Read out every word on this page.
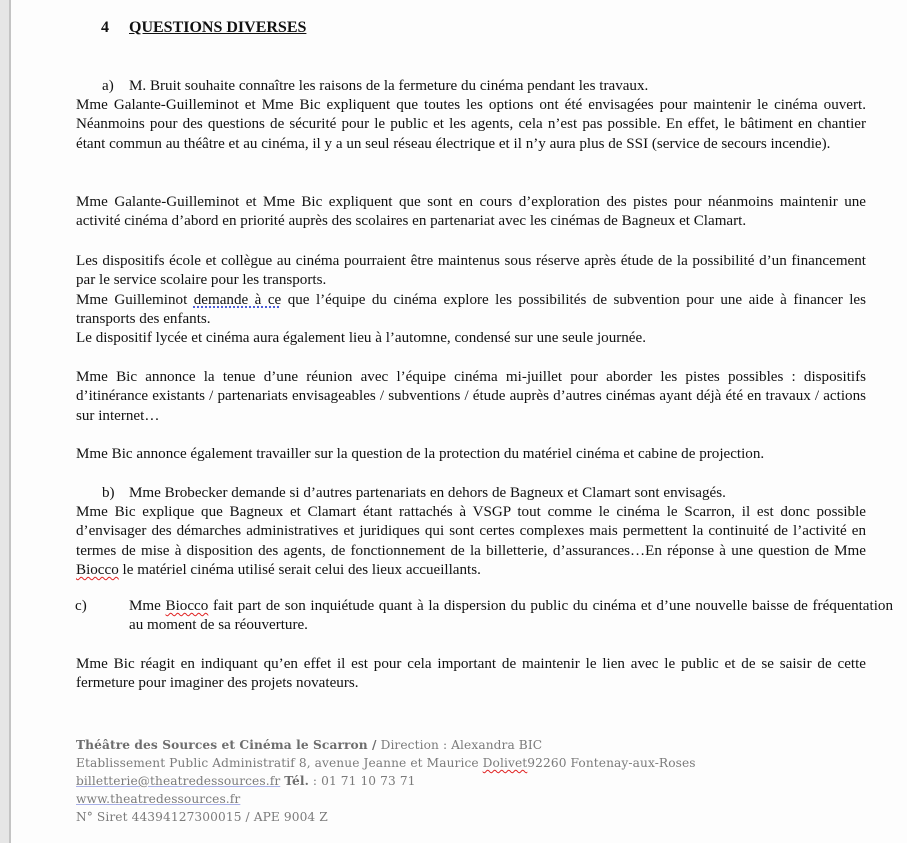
4 QUESTIONS DIVERSES
a) M. Bruit souhaite connaître les raisons de la fermeture du cinéma pendant les travaux.
Mme Galante-Guilleminot et Mme Bic expliquent que toutes les options ont été envisagées pour maintenir le cinéma ouvert. Néanmoins pour des questions de sécurité pour le public et les agents, cela n’est pas possible. En effet, le bâtiment en chantier étant commun au théâtre et au cinéma, il y a un seul réseau électrique et il n’y aura plus de SSI (service de secours incendie).
Mme Galante-Guilleminot et Mme Bic expliquent que sont en cours d’exploration des pistes pour néanmoins maintenir une activité cinéma d’abord en priorité auprès des scolaires en partenariat avec les cinémas de Bagneux et Clamart.
Les dispositifs école et collègue au cinéma pourraient être maintenus sous réserve après étude de la possibilité d’un financement par le service scolaire pour les transports.
Mme Guilleminot demande à ce que l’équipe du cinéma explore les possibilités de subvention pour une aide à financer les transports des enfants.
Le dispositif lycée et cinéma aura également lieu à l’automne, condensé sur une seule journée.
Mme Bic annonce la tenue d’une réunion avec l’équipe cinéma mi-juillet pour aborder les pistes possibles : dispositifs d’itinérance existants / partenariats envisageables / subventions / étude auprès d’autres cinémas ayant déjà été en travaux / actions sur internet…
Mme Bic annonce également travailler sur la question de la protection du matériel cinéma et cabine de projection.
b) Mme Brobecker demande si d’autres partenariats en dehors de Bagneux et Clamart sont envisagés.
Mme Bic explique que Bagneux et Clamart étant rattachés à VSGP tout comme le cinéma le Scarron, il est donc possible d’envisager des démarches administratives et juridiques qui sont certes complexes mais permettent la continuité de l’activité en termes de mise à disposition des agents, de fonctionnement de la billetterie, d’assurances…En réponse à une question de Mme Biocco le matériel cinéma utilisé serait celui des lieux accueillants.
c)	Mme Biocco fait part de son inquiétude quant à la dispersion du public du cinéma et d’une nouvelle baisse de fréquentation au moment de sa réouverture.
Mme Bic réagit en indiquant qu’en effet il est pour cela important de maintenir le lien avec le public et de se saisir de cette fermeture pour imaginer des projets novateurs.
Théâtre des Sources et Cinéma le Scarron / Direction : Alexandra BIC
Etablissement Public Administratif 8, avenue Jeanne et Maurice Dolivet92260 Fontenay-aux-Roses
billetterie@theatredessources.fr Tél. : 01 71 10 73 71
www.theatredessources.fr
N° Siret 44394127300015 / APE 9004 Z
